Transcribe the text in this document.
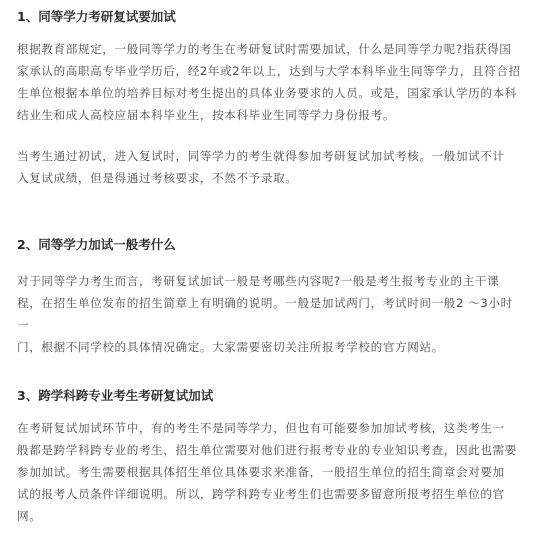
1、同等学力考研复试要加试
根据教育部规定，一般同等学力的考生在考研复试时需要加试，什么是同等学力呢?指获得国
家承认的高职高专毕业学历后，经2年或2年以上，达到与大学本科毕业生同等学力，且符合招
生单位根据本单位的培养目标对考生提出的具体业务要求的人员。或是，国家承认学历的本科
结业生和成人高校应届本科毕业生，按本科毕业生同等学力身份报考。
当考生通过初试，进入复试时，同等学力的考生就得参加考研复试加试考核。一般加试不计
入复试成绩，但是得通过考核要求，不然不予录取。
2、同等学力加试一般考什么
对于同等学力考生而言，考研复试加试一般是考哪些内容呢?一般是考生报考专业的主干课
程，在招生单位发布的招生简章上有明确的说明。一般是加试两门，考试时间一般2 ～3小时一
门，根据不同学校的具体情况确定。大家需要密切关注所报考学校的官方网站。
3、跨学科跨专业考生考研复试加试
在考研复试加试环节中，有的考生不是同等学力，但也有可能要参加加试考核，这类考生一
般都是跨学科跨专业的考生，招生单位需要对他们进行报考专业的专业知识考查，因此也需要
参加加试。考生需要根据具体招生单位具体要求来准备，一般招生单位的招生简章会对要加
试的报考人员条件详细说明。所以，跨学科跨专业考生们也需要多留意所报考招生单位的官
网。
